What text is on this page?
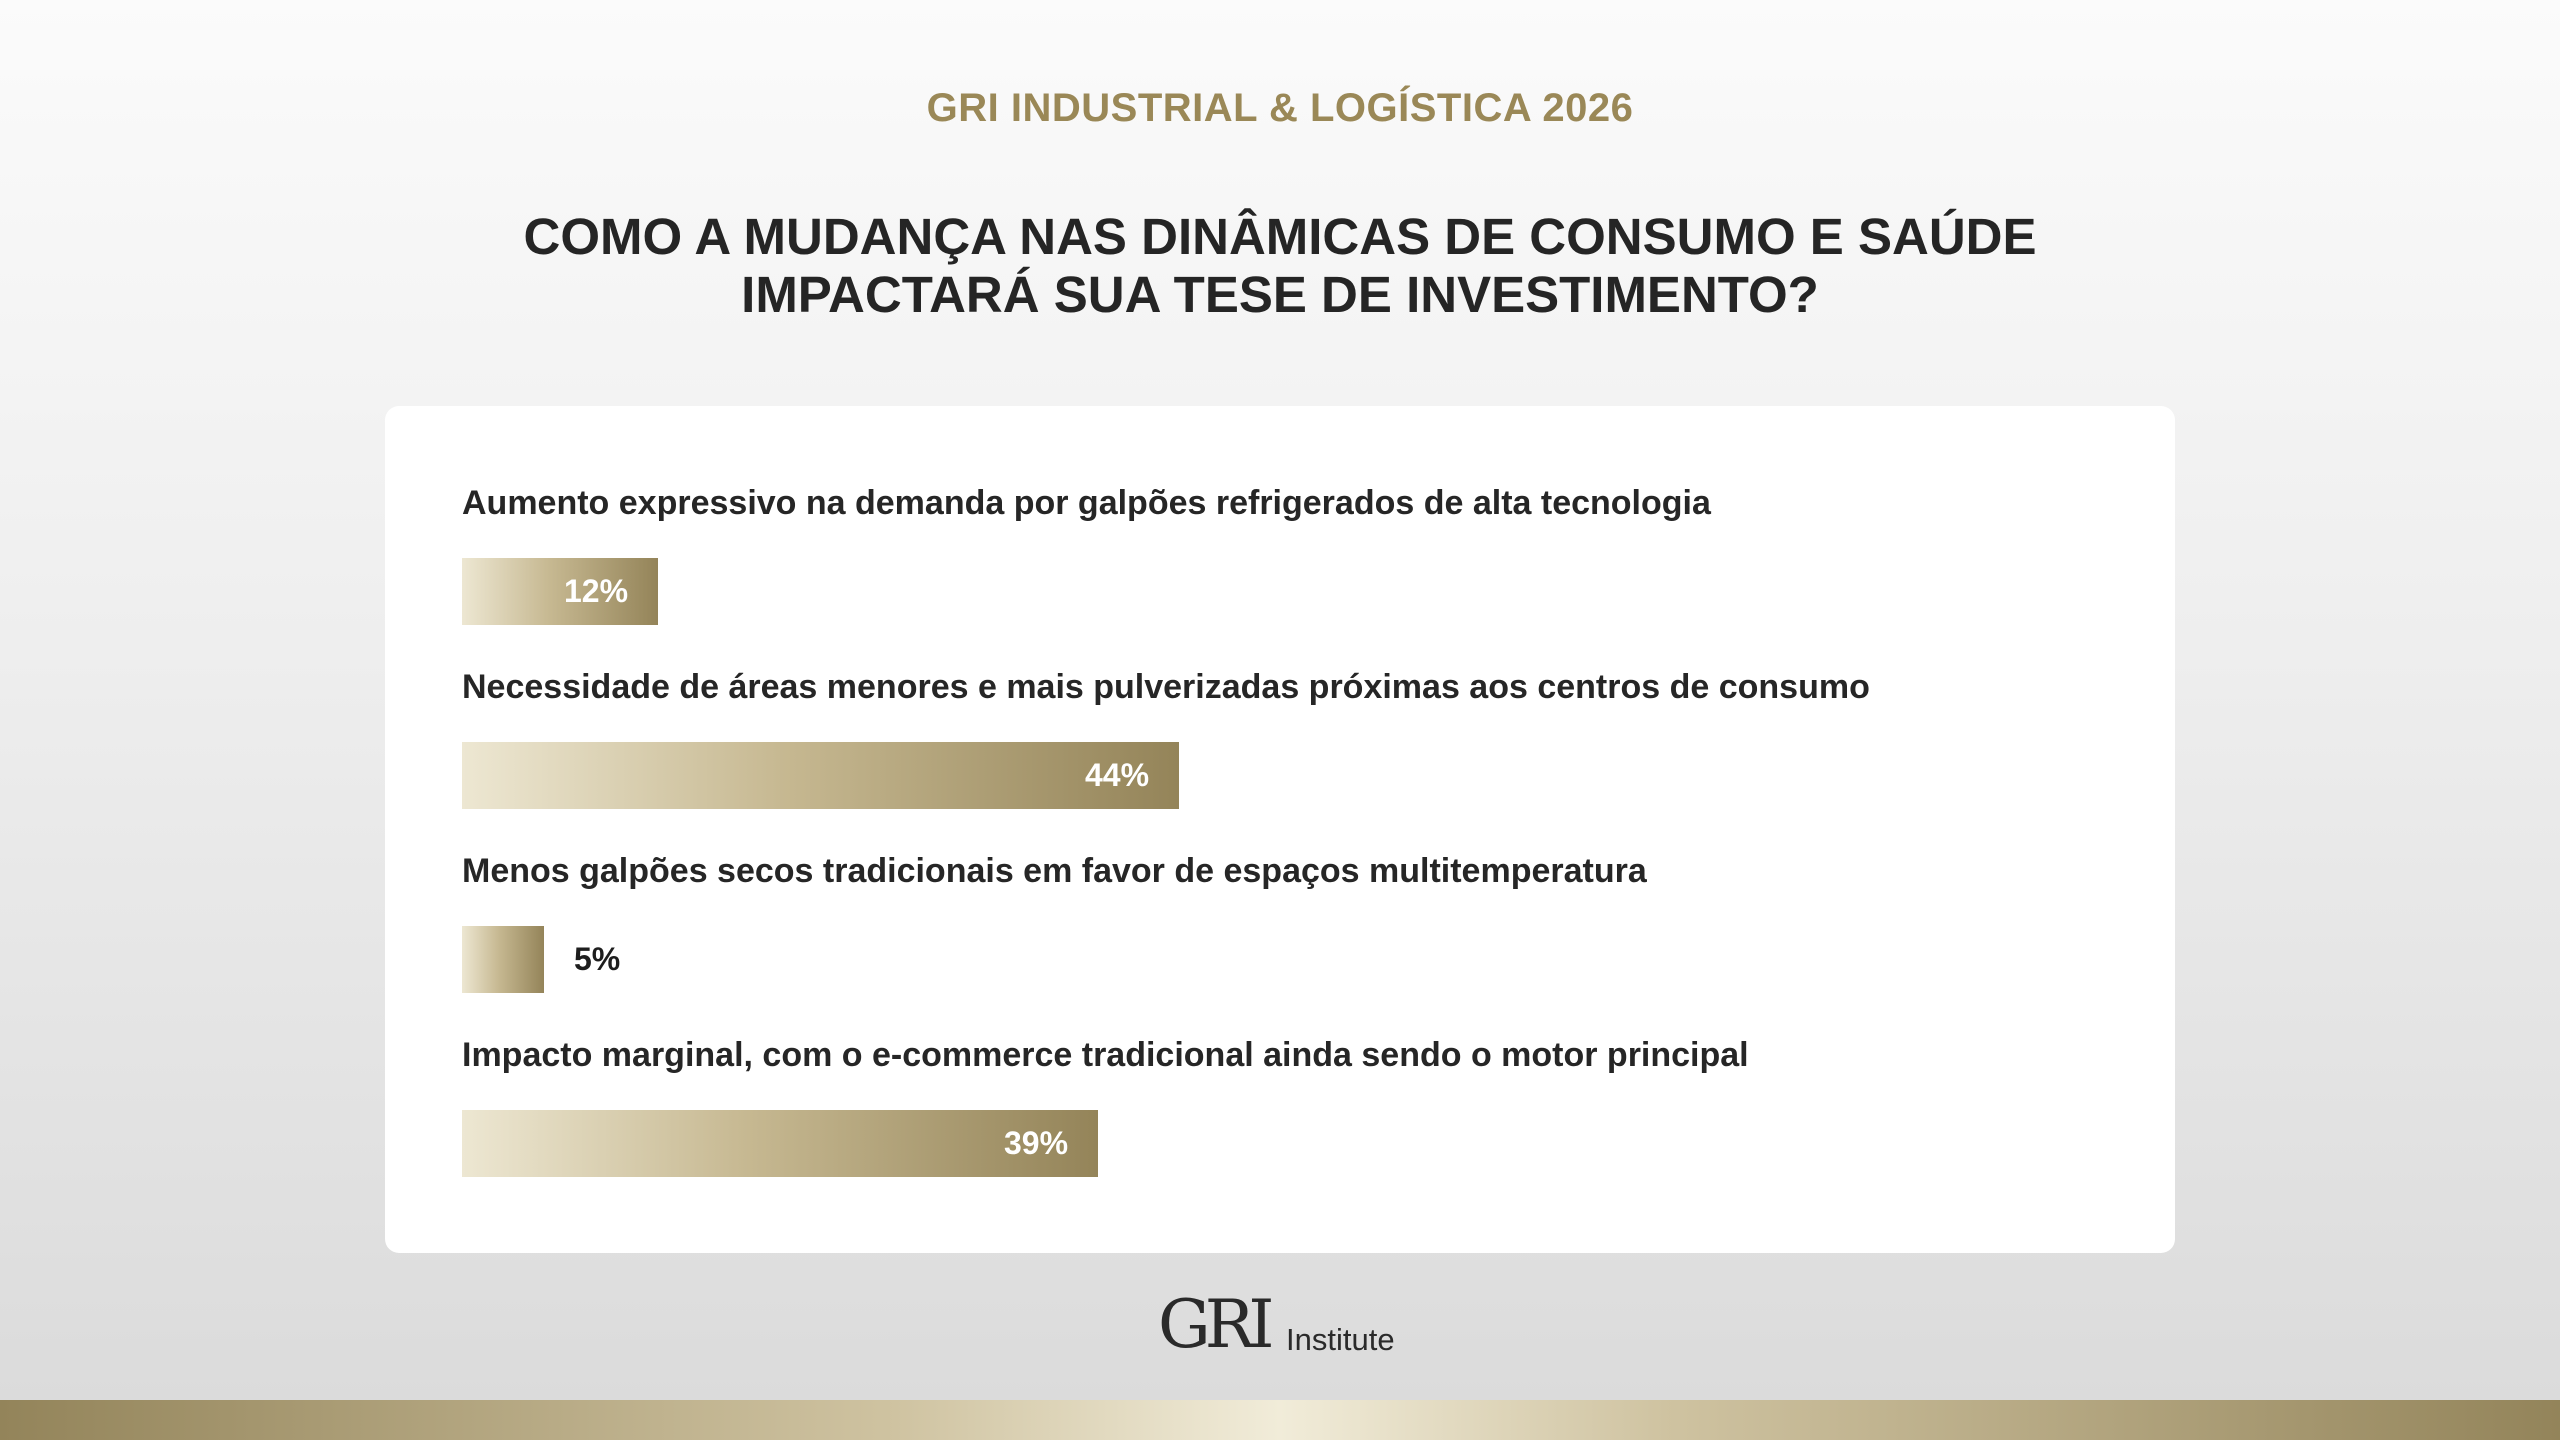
GRI INDUSTRIAL & LOGÍSTICA 2026
COMO A MUDANÇA NAS DINÂMICAS DE CONSUMO E SAÚDE
IMPACTARÁ SUA TESE DE INVESTIMENTO?
Aumento expressivo na demanda por galpões refrigerados de alta tecnologia
12%
Necessidade de áreas menores e mais pulverizadas próximas aos centros de consumo
44%
Menos galpões secos tradicionais em favor de espaços multitemperatura
5%
Impacto marginal, com o e-commerce tradicional ainda sendo o motor principal
39%
GRI Institute
